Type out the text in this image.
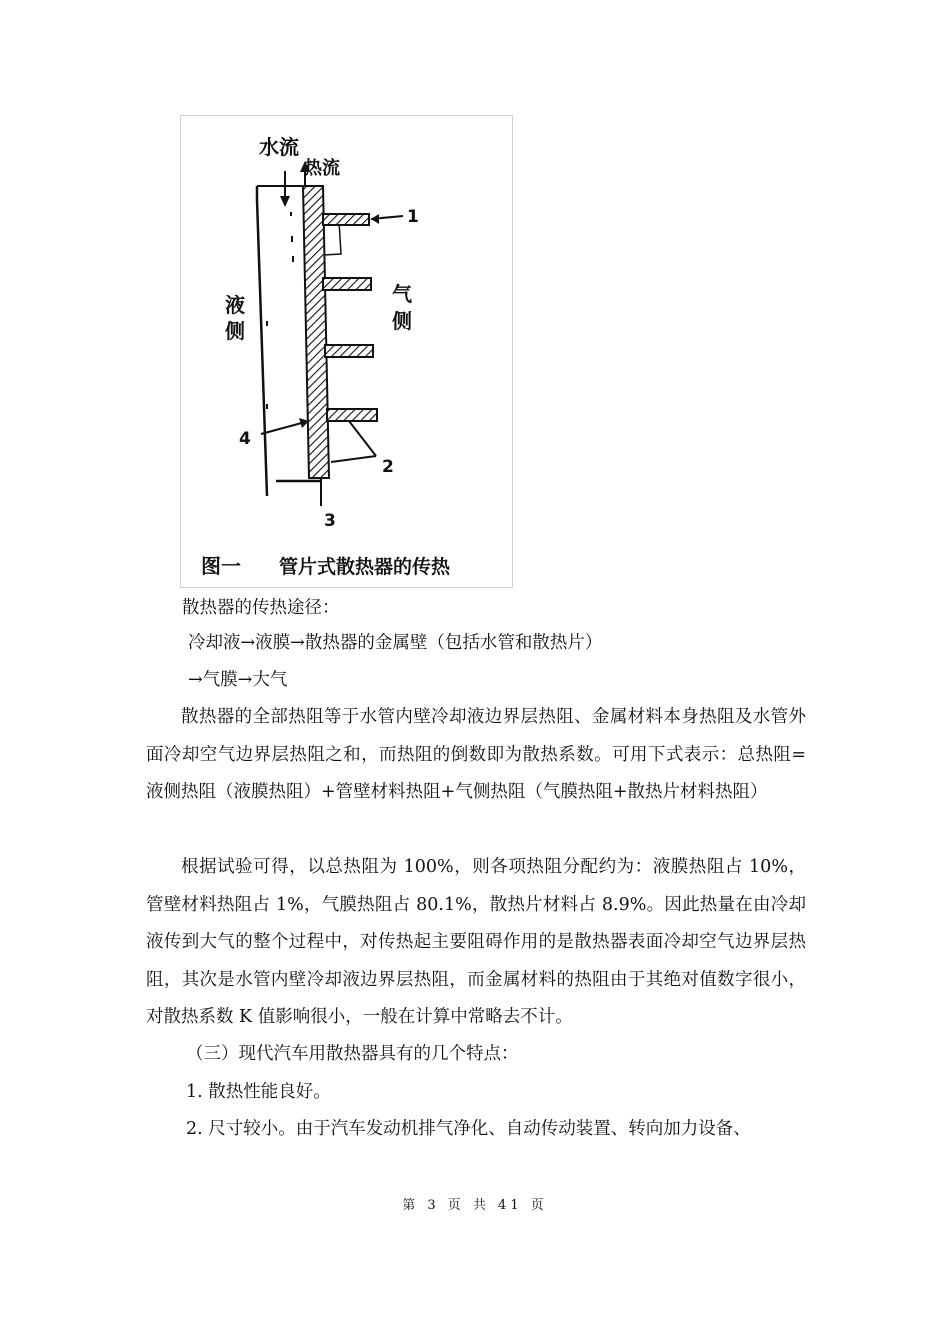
水流
热流
液
侧
气
侧
1
2
3
4
图一 管片式散热器的传热
散热器的传热途径：
冷却液→液膜→散热器的金属壁（包括水管和散热片）
→气膜→大气

散热器的全部热阻等于水管内壁冷却液边界层热阻、金属材料本身热阻及水管外面冷却空气边界层热阻之和，而热阻的倒数即为散热系数。可用下式表示：总热阻=液侧热阻（液膜热阻）+管壁材料热阻+气侧热阻（气膜热阻+散热片材料热阻）

根据试验可得，以总热阻为 100%，则各项热阻分配约为：液膜热阻占 10%，管壁材料热阻占 1%，气膜热阻占 80.1%，散热片材料占 8.9%。因此热量在由冷却液传到大气的整个过程中，对传热起主要阻碍作用的是散热器表面冷却空气边界层热阻，其次是水管内壁冷却液边界层热阻，而金属材料的热阻由于其绝对值数字很小，对散热系数 K 值影响很小，一般在计算中常略去不计。

（三）现代汽车用散热器具有的几个特点：
1. 散热性能良好。
2. 尺寸较小。由于汽车发动机排气净化、自动传动装置、转向加力设备、
第 3 页 共 41 页
